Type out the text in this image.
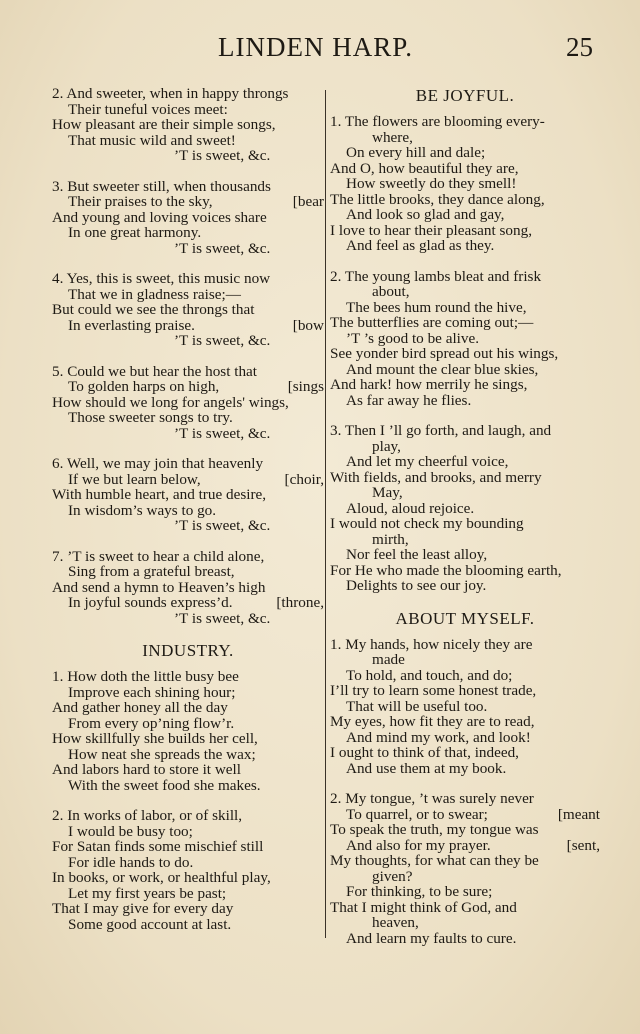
LINDEN HARP.	25
2. And sweeter, when in happy throngs
Their tuneful voices meet:
How pleasant are their simple songs,
That music wild and sweet!
’T is sweet, &c.
3. But sweeter still, when thousands
Their praises to the sky,	[bear
And young and loving voices share
In one great harmony.
’T is sweet, &c.
4. Yes, this is sweet, this music now
That we in gladness raise;—
But could we see the throngs that
In everlasting praise.	[bow
’T is sweet, &c.
5. Could we but hear the host that
To golden harps on high,	[sings
How should we long for angels' wings,
Those sweeter songs to try.
’T is sweet, &c.
6. Well, we may join that heavenly
If we but learn below,	[choir,
With humble heart, and true desire,
In wisdom’s ways to go.
’T is sweet, &c.
7. ’T is sweet to hear a child alone,
Sing from a grateful breast,
And send a hymn to Heaven’s high
In joyful sounds express’d.	[throne,
’T is sweet, &c.
INDUSTRY.
1. How doth the little busy bee
Improve each shining hour;
And gather honey all the day
From every op’ning flow’r.
How skillfully she builds her cell,
How neat she spreads the wax;
And labors hard to store it well
With the sweet food she makes.
2. In works of labor, or of skill,
I would be busy too;
For Satan finds some mischief still
For idle hands to do.
In books, or work, or healthful play,
Let my first years be past;
That I may give for every day
Some good account at last.
BE JOYFUL.
1. The flowers are blooming every-
where,
On every hill and dale;
And O, how beautiful they are,
How sweetly do they smell!
The little brooks, they dance along,
And look so glad and gay,
I love to hear their pleasant song,
And feel as glad as they.
2. The young lambs bleat and frisk
about,
The bees hum round the hive,
The butterflies are coming out;—
’T ’s good to be alive.
See yonder bird spread out his wings,
And mount the clear blue skies,
And hark! how merrily he sings,
As far away he flies.
3. Then I ’ll go forth, and laugh, and
play,
And let my cheerful voice,
With fields, and brooks, and merry
May,
Aloud, aloud rejoice.
I would not check my bounding
mirth,
Nor feel the least alloy,
For He who made the blooming earth,
Delights to see our joy.
ABOUT MYSELF.
1. My hands, how nicely they are
made
To hold, and touch, and do;
I’ll try to learn some honest trade,
That will be useful too.
My eyes, how fit they are to read,
And mind my work, and look!
I ought to think of that, indeed,
And use them at my book.
2. My tongue, ’t was surely never
To quarrel, or to swear;	[meant
To speak the truth, my tongue was
And also for my prayer.	[sent,
My thoughts, for what can they be
given?
For thinking, to be sure;
That I might think of God, and
heaven,
And learn my faults to cure.
